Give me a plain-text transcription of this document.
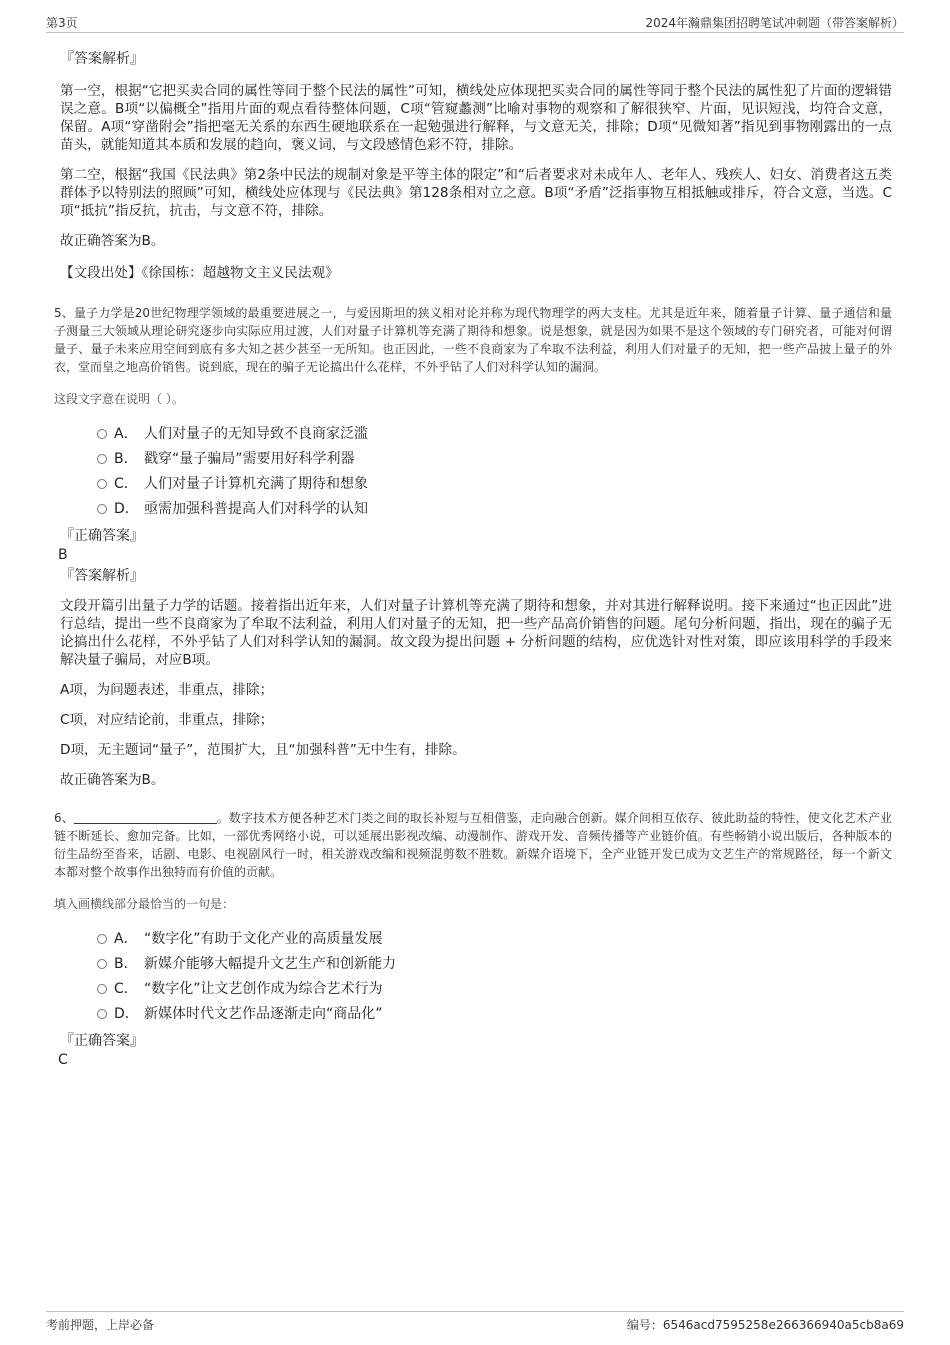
第3页	2024年瀚鼎集团招聘笔试冲刺题（带答案解析）
『答案解析』

第一空，根据“它把买卖合同的属性等同于整个民法的属性”可知，横线处应体现把买卖合同的属性等同于整个民法的属性犯了片面的逻辑错误之意。B项“以偏概全”指用片面的观点看待整体问题，C项“管窥蠡测”比喻对事物的观察和了解很狭窄、片面，见识短浅，均符合文意，保留。A项“穿凿附会”指把毫无关系的东西生硬地联系在一起勉强进行解释，与文意无关，排除；D项“见微知著”指见到事物刚露出的一点苗头，就能知道其本质和发展的趋向，褒义词，与文段感情色彩不符，排除。

第二空，根据“我国《民法典》第2条中民法的规制对象是平等主体的限定”和“后者要求对未成年人、老年人、残疾人、妇女、消费者这五类群体予以特别法的照顾”可知，横线处应体现与《民法典》第128条相对立之意。B项“矛盾”泛指事物互相抵触或排斥，符合文意，当选。C项“抵抗”指反抗，抗击，与文意不符，排除。

故正确答案为B。

【文段出处】《徐国栋：超越物文主义民法观》

5、量子力学是20世纪物理学领域的最重要进展之一，与爱因斯坦的狭义相对论并称为现代物理学的两大支柱。尤其是近年来，随着量子计算、量子通信和量子测量三大领域从理论研究逐步向实际应用过渡，人们对量子计算机等充满了期待和想象。说是想象，就是因为如果不是这个领域的专门研究者，可能对何谓量子、量子未来应用空间到底有多大知之甚少甚至一无所知。也正因此，一些不良商家为了牟取不法利益，利用人们对量子的无知，把一些产品披上量子的外衣，堂而皇之地高价销售。说到底，现在的骗子无论搞出什么花样，不外乎钻了人们对科学认知的漏洞。

这段文字意在说明（ ）。

A． 人们对量子的无知导致不良商家泛滥
B． 戳穿“量子骗局”需要用好科学利器
C． 人们对量子计算机充满了期待和想象
D． 亟需加强科普提高人们对科学的认知
『正确答案』
B
『答案解析』

文段开篇引出量子力学的话题。接着指出近年来，人们对量子计算机等充满了期待和想象，并对其进行解释说明。接下来通过“也正因此”进行总结，提出一些不良商家为了牟取不法利益，利用人们对量子的无知，把一些产品高价销售的问题。尾句分析问题，指出，现在的骗子无论搞出什么花样，不外乎钻了人们对科学认知的漏洞。故文段为提出问题 + 分析问题的结构，应优选针对性对策，即应该用科学的手段来解决量子骗局，对应B项。

A项，为问题表述，非重点，排除；

C项，对应结论前，非重点，排除；

D项，无主题词“量子”，范围扩大，且“加强科普”无中生有，排除。

故正确答案为B。

6、	。数字技术方便各种艺术门类之间的取长补短与互相借鉴，走向融合创新。媒介间相互依存、彼此助益的特性，使文化艺术产业链不断延长、愈加完备。比如，一部优秀网络小说，可以延展出影视改编、动漫制作、游戏开发、音频传播等产业链价值。有些畅销小说出版后，各种版本的衍生品纷至沓来，话剧、电影、电视剧风行一时，相关游戏改编和视频混剪数不胜数。新媒介语境下，全产业链开发已成为文艺生产的常规路径，每一个新文本都对整个故事作出独特而有价值的贡献。

填入画横线部分最恰当的一句是：

A． “数字化”有助于文化产业的高质量发展
B． 新媒介能够大幅提升文艺生产和创新能力
C． “数字化”让文艺创作成为综合艺术行为
D． 新媒体时代文艺作品逐渐走向“商品化”
『正确答案』
C
考前押题，上岸必备	编号：6546acd7595258e266366940a5cb8a69
